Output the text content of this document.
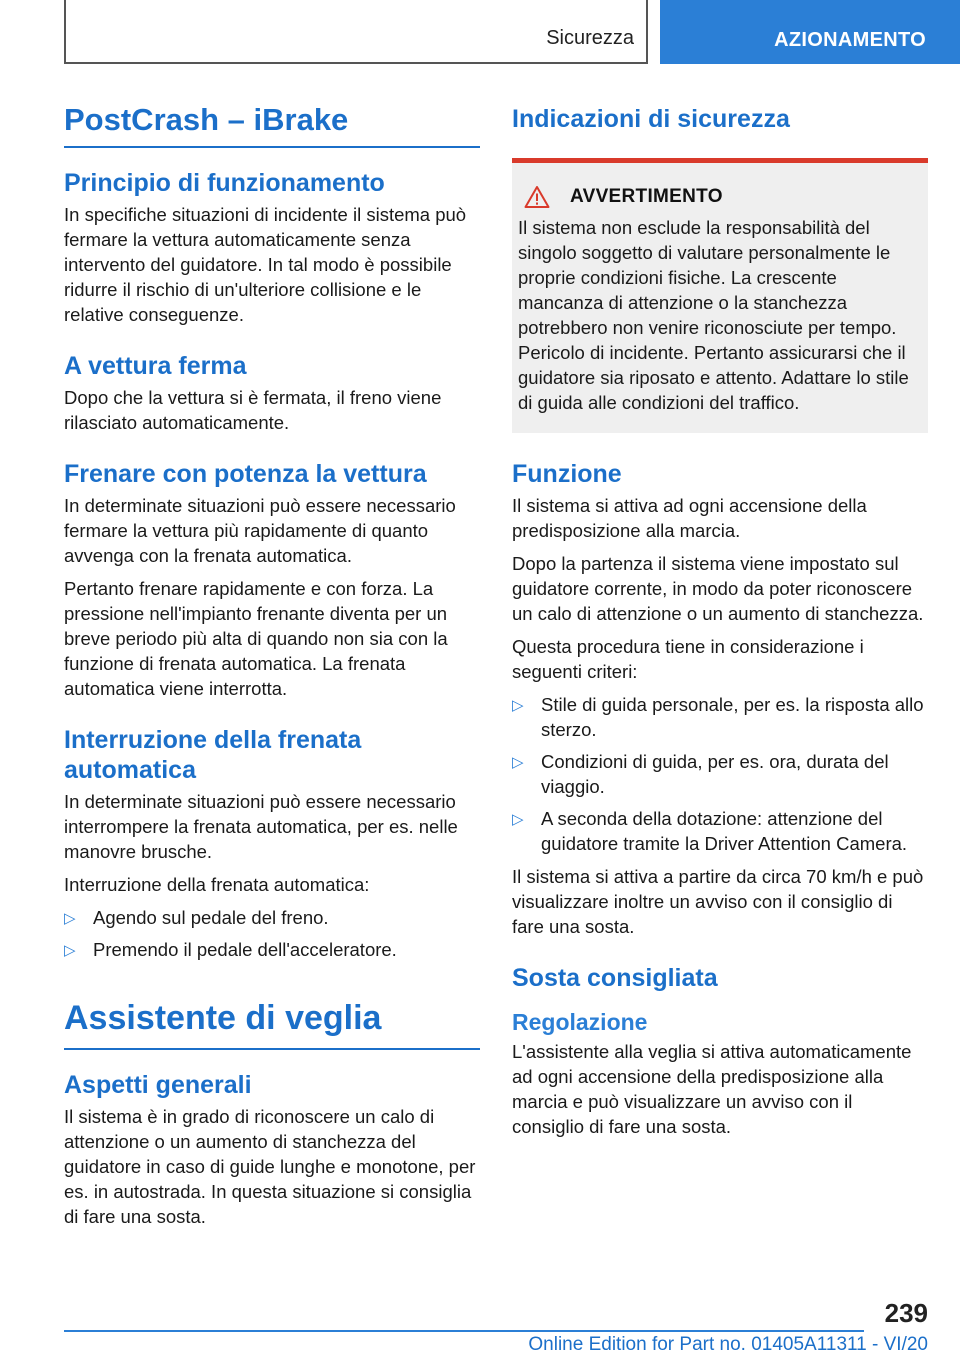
Sicurezza	AZIONAMENTO
PostCrash – iBrake
Principio di funzionamento

In specifiche situazioni di incidente il sistema può fermare la vettura automaticamente senza intervento del guidatore. In tal modo è possibile ridurre il rischio di un'ulteriore collisione e le relative conseguenze.

A vettura ferma

Dopo che la vettura si è fermata, il freno viene rilasciato automaticamente.

Frenare con potenza la vettura

In determinate situazioni può essere necessario fermare la vettura più rapidamente di quanto avvenga con la frenata automatica.

Pertanto frenare rapidamente e con forza. La pressione nell'impianto frenante diventa per un breve periodo più alta di quando non sia con la funzione di frenata automatica. La frenata automatica viene interrotta.

Interruzione della frenata automatica

In determinate situazioni può essere necessario interrompere la frenata automatica, per es. nelle manovre brusche.

Interruzione della frenata automatica:

▷ Agendo sul pedale del freno.
▷ Premendo il pedale dell'acceleratore.
Assistente di veglia
Aspetti generali

Il sistema è in grado di riconoscere un calo di attenzione o un aumento di stanchezza del guidatore in caso di guide lunghe e monotone, per es. in autostrada. In questa situazione si consiglia di fare una sosta.

Indicazioni di sicurezza
AVVERTIMENTO

Il sistema non esclude la responsabilità del singolo soggetto di valutare personalmente le proprie condizioni fisiche. La crescente mancanza di attenzione o la stanchezza potrebbero non venire riconosciute per tempo. Pericolo di incidente. Pertanto assicurarsi che il guidatore sia riposato e attento. Adattare lo stile di guida alle condizioni del traffico.

Funzione

Il sistema si attiva ad ogni accensione della predisposizione alla marcia.

Dopo la partenza il sistema viene impostato sul guidatore corrente, in modo da poter riconoscere un calo di attenzione o un aumento di stanchezza.

Questa procedura tiene in considerazione i seguenti criteri:

▷ Stile di guida personale, per es. la risposta allo sterzo.
▷ Condizioni di guida, per es. ora, durata del viaggio.
▷ A seconda della dotazione: attenzione del guidatore tramite la Driver Attention Camera.

Il sistema si attiva a partire da circa 70 km/h e può visualizzare inoltre un avviso con il consiglio di fare una sosta.

Sosta consigliata
Regolazione

L'assistente alla veglia si attiva automaticamente ad ogni accensione della predisposizione alla marcia e può visualizzare un avviso con il consiglio di fare una sosta.

239
Online Edition for Part no. 01405A11311 - VI/20
